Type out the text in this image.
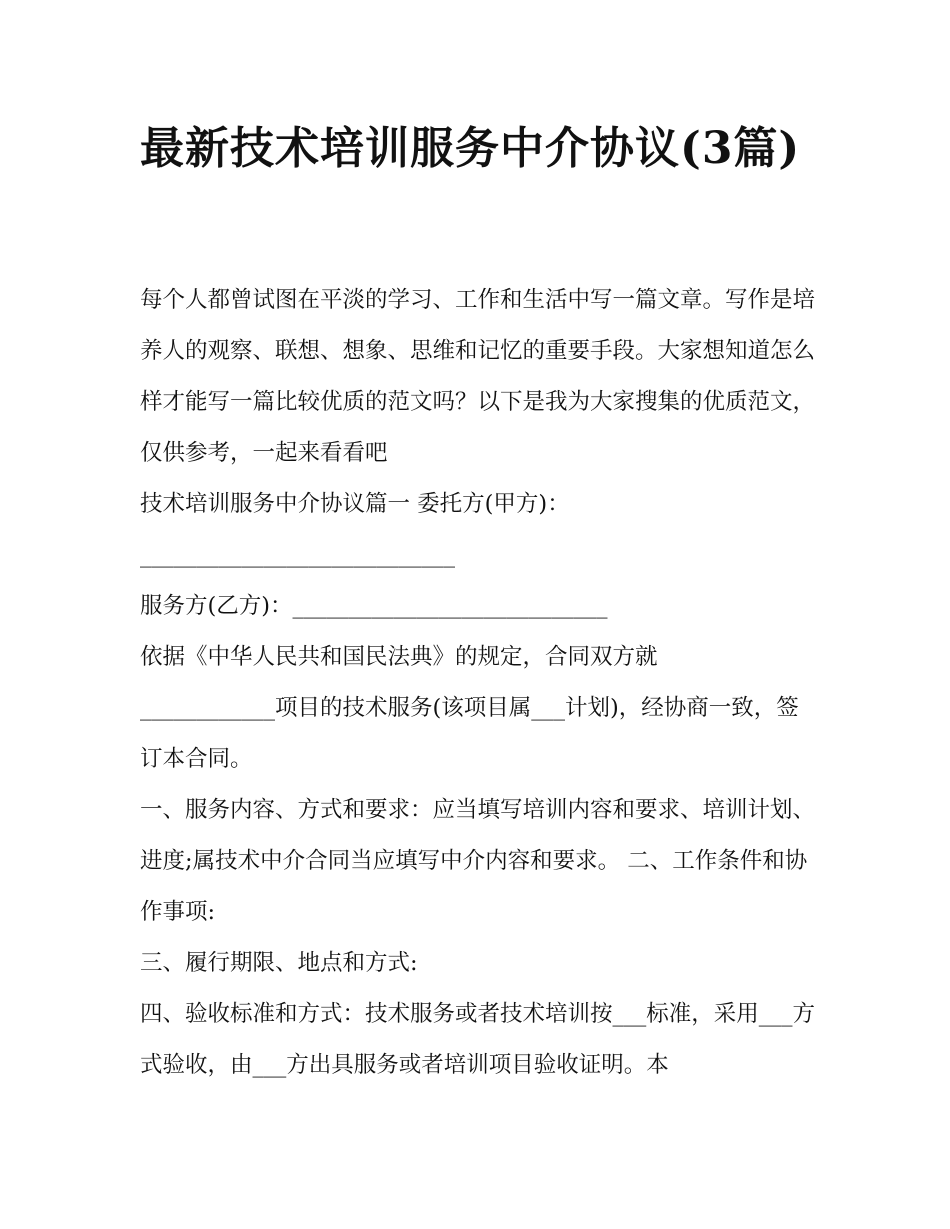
最新技术培训服务中介协议(3篇)

每个人都曾试图在平淡的学习、工作和生活中写一篇文章。写作是培养人的观察、联想、想象、思维和记忆的重要手段。大家想知道怎么样才能写一篇比较优质的范文吗？以下是我为大家搜集的优质范文，仅供参考，一起来看看吧

技术培训服务中介协议篇一 委托方(甲方)：

____________________________

服务方(乙方)：____________________________

依据《中华人民共和国民法典》的规定，合同双方就

____________项目的技术服务(该项目属___计划)，经协商一致，签订本合同。

一、服务内容、方式和要求：应当填写培训内容和要求、培训计划、进度;属技术中介合同当应填写中介内容和要求。 二、工作条件和协作事项:

三、履行期限、地点和方式:

四、验收标准和方式：技术服务或者技术培训按___标准，采用___方式验收，由___方出具服务或者培训项目验收证明。本
